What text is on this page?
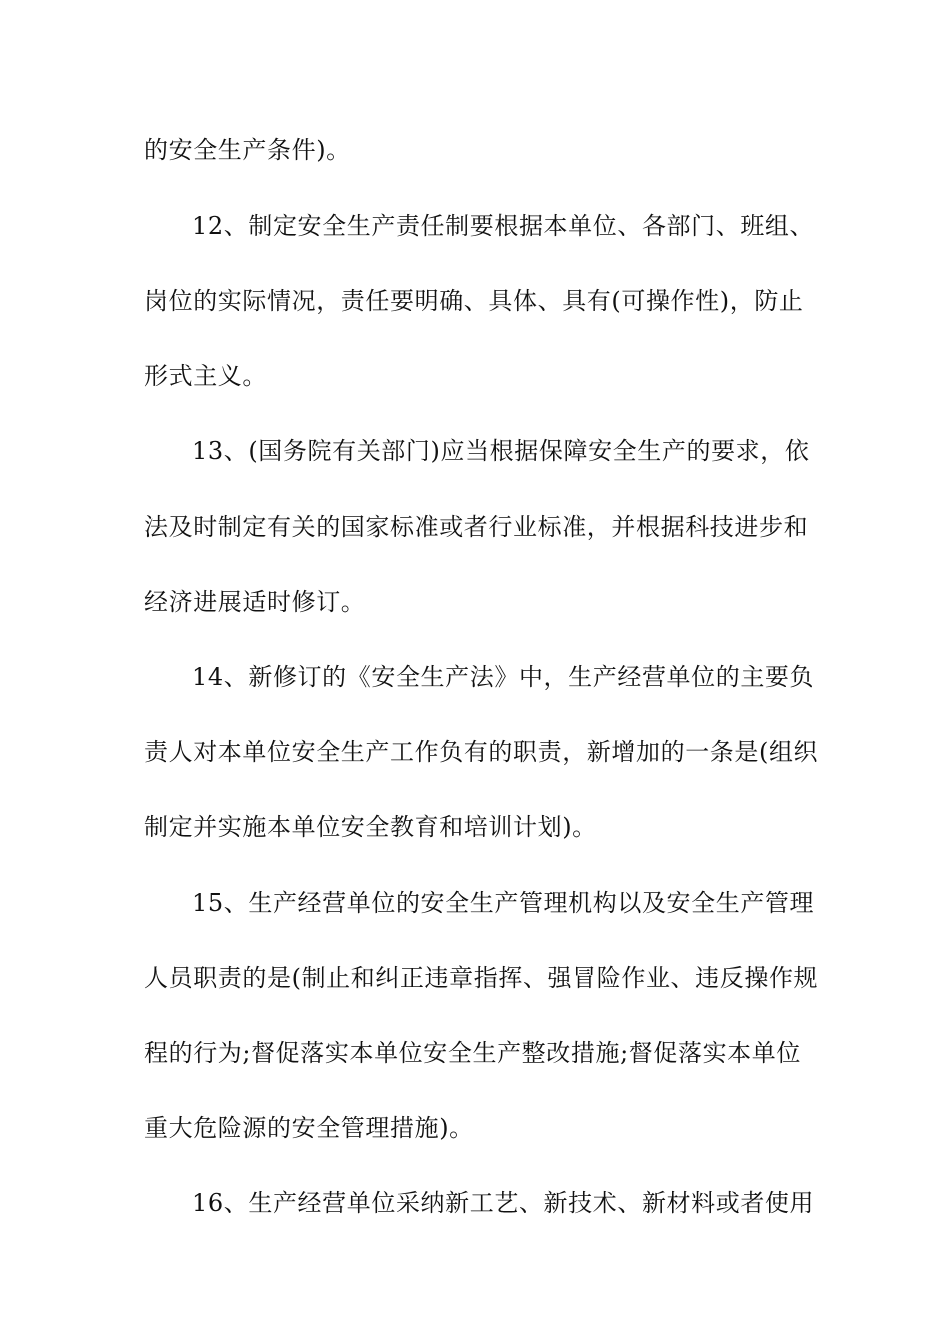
的安全生产条件)。
12、制定安全生产责任制要根据本单位、各部门、班组、
岗位的实际情况，责任要明确、具体、具有(可操作性)，防止
形式主义。
13、(国务院有关部门)应当根据保障安全生产的要求，依
法及时制定有关的国家标准或者行业标准，并根据科技进步和
经济进展适时修订。
14、新修订的《安全生产法》中，生产经营单位的主要负
责人对本单位安全生产工作负有的职责，新增加的一条是(组织
制定并实施本单位安全教育和培训计划)。
15、生产经营单位的安全生产管理机构以及安全生产管理
人员职责的是(制止和纠正违章指挥、强冒险作业、违反操作规
程的行为;督促落实本单位安全生产整改措施;督促落实本单位
重大危险源的安全管理措施)。
16、生产经营单位采纳新工艺、新技术、新材料或者使用
